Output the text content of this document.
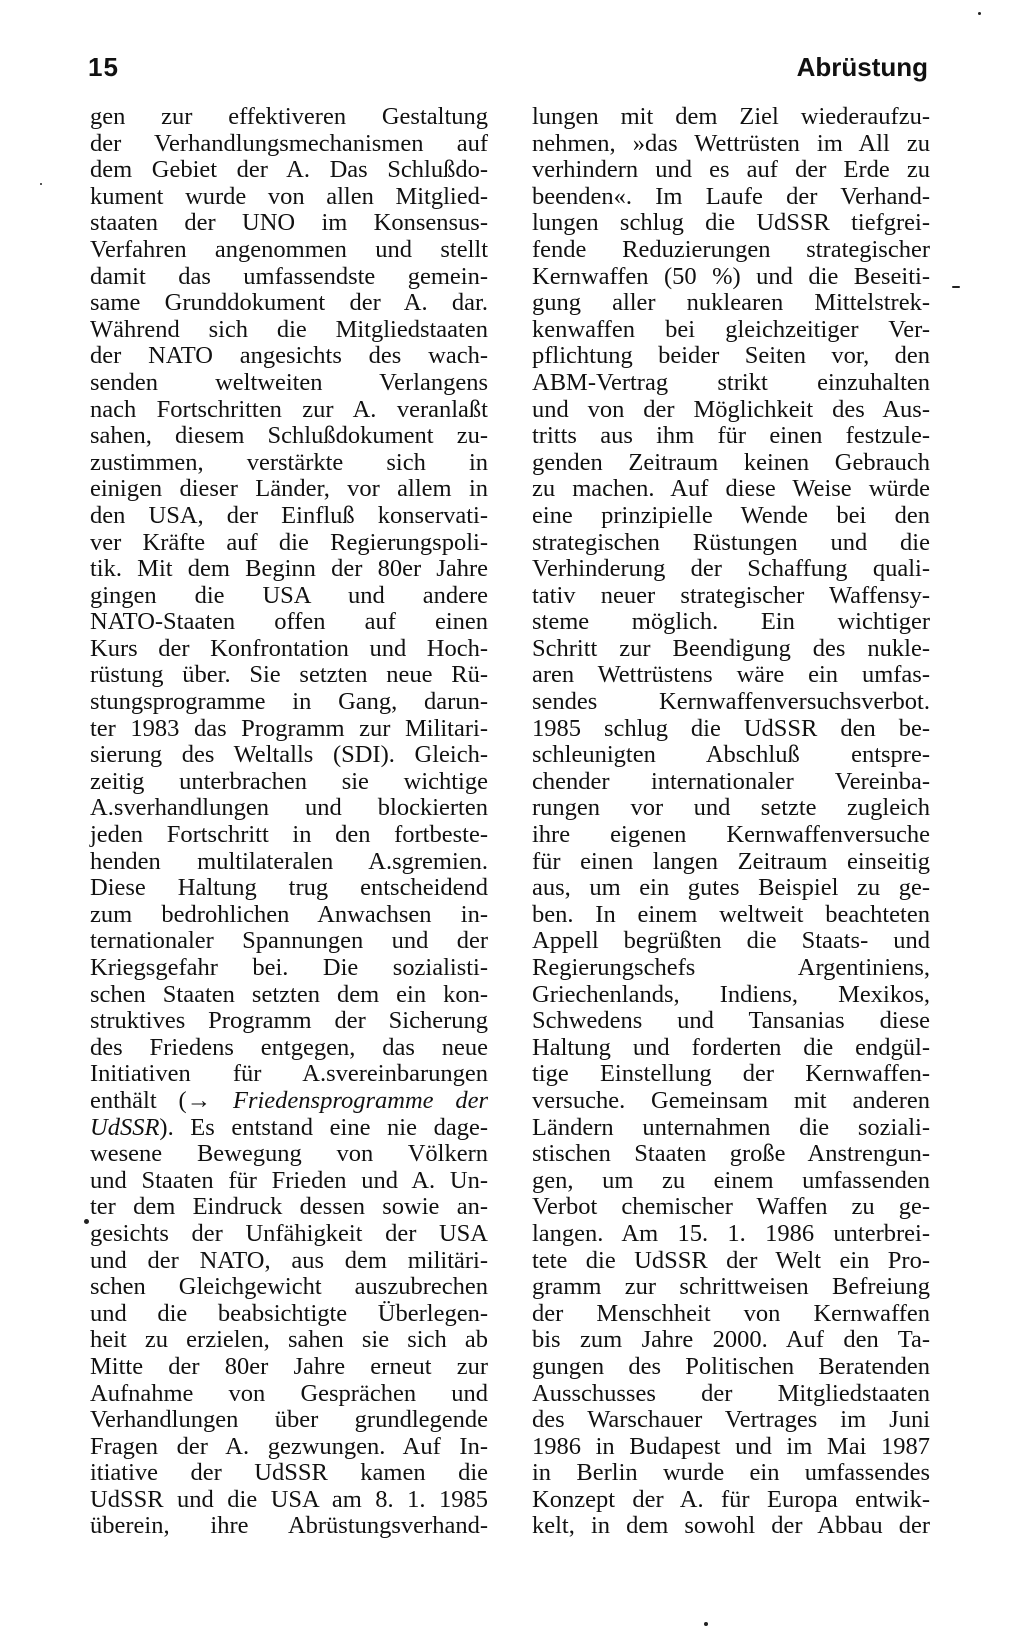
15	Abrüstung
gen zur effektiveren Gestaltung
der Verhandlungsmechanismen auf
dem Gebiet der A. Das Schlußdo-
kument wurde von allen Mitglied-
staaten der UNO im Konsensus-
Verfahren angenommen und stellt
damit das umfassendste gemein-
same Grunddokument der A. dar.
Während sich die Mitgliedstaaten
der NATO angesichts des wach-
senden weltweiten Verlangens
nach Fortschritten zur A. veranlaßt
sahen, diesem Schlußdokument zu-
zustimmen, verstärkte sich in
einigen dieser Länder, vor allem in
den USA, der Einfluß konservati-
ver Kräfte auf die Regierungspoli-
tik. Mit dem Beginn der 80er Jahre
gingen die USA und andere
NATO-Staaten offen auf einen
Kurs der Konfrontation und Hoch-
rüstung über. Sie setzten neue Rü-
stungsprogramme in Gang, darun-
ter 1983 das Programm zur Militari-
sierung des Weltalls (SDI). Gleich-
zeitig unterbrachen sie wichtige
A.sverhandlungen und blockierten
jeden Fortschritt in den fortbeste-
henden multilateralen A.sgremien.
Diese Haltung trug entscheidend
zum bedrohlichen Anwachsen in-
ternationaler Spannungen und der
Kriegsgefahr bei. Die sozialisti-
schen Staaten setzten dem ein kon-
struktives Programm der Sicherung
des Friedens entgegen, das neue
Initiativen für A.svereinbarungen
enthält (→ Friedensprogramme der
UdSSR). Es entstand eine nie dage-
wesene Bewegung von Völkern
und Staaten für Frieden und A. Un-
ter dem Eindruck dessen sowie an-
gesichts der Unfähigkeit der USA
und der NATO, aus dem militäri-
schen Gleichgewicht auszubrechen
und die beabsichtigte Überlegen-
heit zu erzielen, sahen sie sich ab
Mitte der 80er Jahre erneut zur
Aufnahme von Gesprächen und
Verhandlungen über grundlegende
Fragen der A. gezwungen. Auf In-
itiative der UdSSR kamen die
UdSSR und die USA am 8. 1. 1985
überein, ihre Abrüstungsverhand-
lungen mit dem Ziel wiederaufzu-
nehmen, »das Wettrüsten im All zu
verhindern und es auf der Erde zu
beenden«. Im Laufe der Verhand-
lungen schlug die UdSSR tiefgrei-
fende Reduzierungen strategischer
Kernwaffen (50 %) und die Beseiti-
gung aller nuklearen Mittelstrek-
kenwaffen bei gleichzeitiger Ver-
pflichtung beider Seiten vor, den
ABM-Vertrag strikt einzuhalten
und von der Möglichkeit des Aus-
tritts aus ihm für einen festzule-
genden Zeitraum keinen Gebrauch
zu machen. Auf diese Weise würde
eine prinzipielle Wende bei den
strategischen Rüstungen und die
Verhinderung der Schaffung quali-
tativ neuer strategischer Waffensy-
steme möglich. Ein wichtiger
Schritt zur Beendigung des nukle-
aren Wettrüstens wäre ein umfas-
sendes Kernwaffenversuchsverbot.
1985 schlug die UdSSR den be-
schleunigten Abschluß entspre-
chender internationaler Vereinba-
rungen vor und setzte zugleich
ihre eigenen Kernwaffenversuche
für einen langen Zeitraum einseitig
aus, um ein gutes Beispiel zu ge-
ben. In einem weltweit beachteten
Appell begrüßten die Staats- und
Regierungschefs Argentiniens,
Griechenlands, Indiens, Mexikos,
Schwedens und Tansanias diese
Haltung und forderten die endgül-
tige Einstellung der Kernwaffen-
versuche. Gemeinsam mit anderen
Ländern unternahmen die soziali-
stischen Staaten große Anstrengun-
gen, um zu einem umfassenden
Verbot chemischer Waffen zu ge-
langen. Am 15. 1. 1986 unterbrei-
tete die UdSSR der Welt ein Pro-
gramm zur schrittweisen Befreiung
der Menschheit von Kernwaffen
bis zum Jahre 2000. Auf den Ta-
gungen des Politischen Beratenden
Ausschusses der Mitgliedstaaten
des Warschauer Vertrages im Juni
1986 in Budapest und im Mai 1987
in Berlin wurde ein umfassendes
Konzept der A. für Europa entwik-
kelt, in dem sowohl der Abbau der
